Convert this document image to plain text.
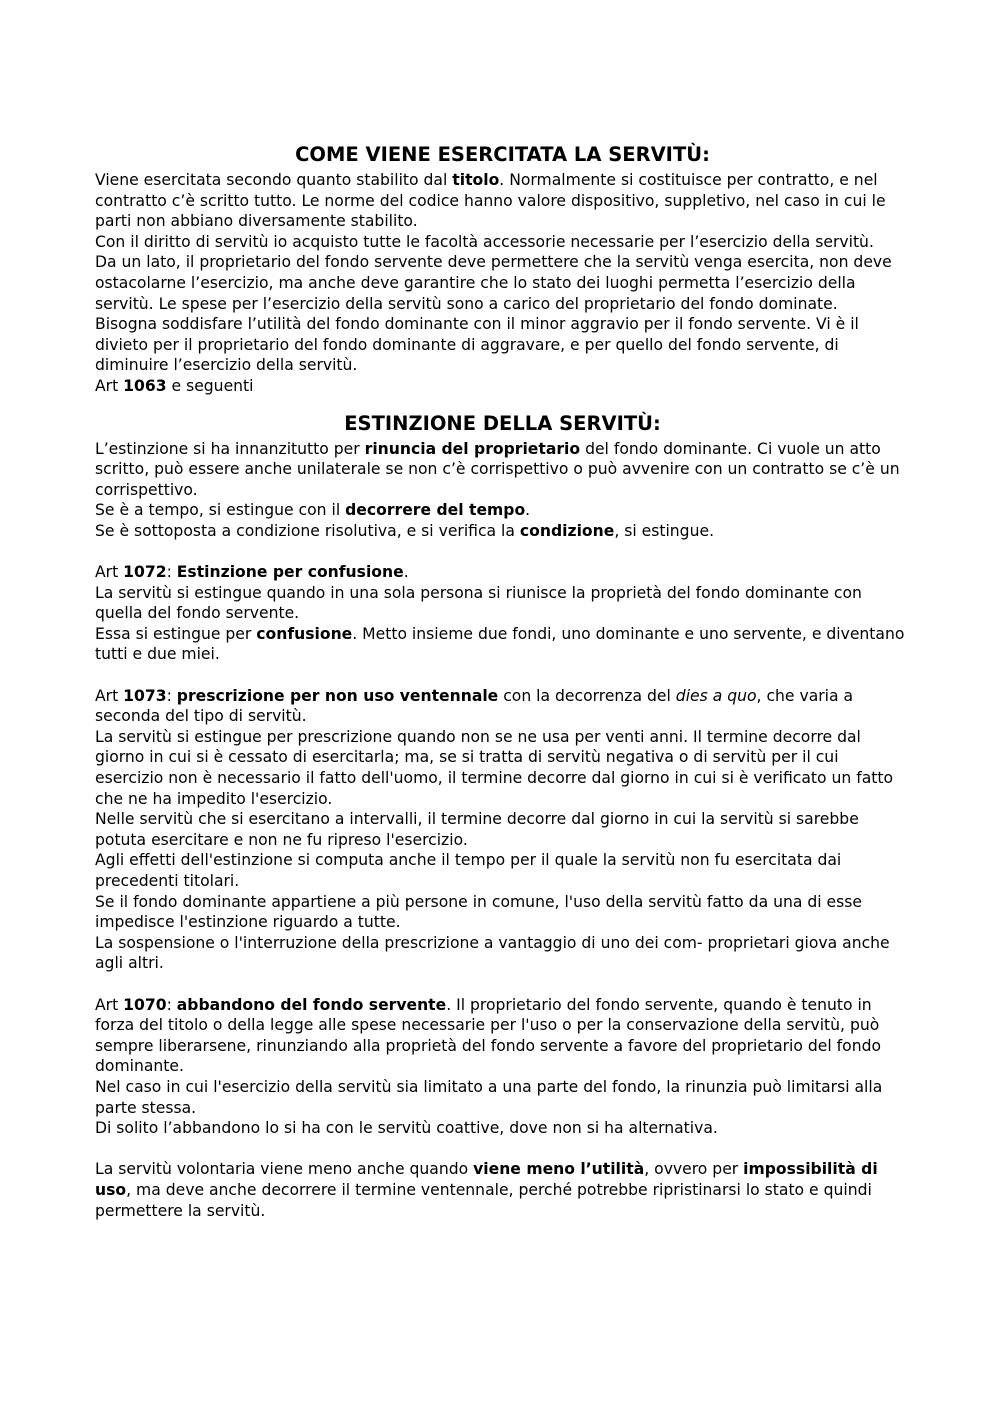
COME VIENE ESERCITATA LA SERVITÙ:

Viene esercitata secondo quanto stabilito dal titolo. Normalmente si costituisce per contratto, e nel contratto c’è scritto tutto. Le norme del codice hanno valore dispositivo, suppletivo, nel caso in cui le parti non abbiano diversamente stabilito.

Con il diritto di servitù io acquisto tutte le facoltà accessorie necessarie per l’esercizio della servitù.

Da un lato, il proprietario del fondo servente deve permettere che la servitù venga esercita, non deve ostacolarne l’esercizio, ma anche deve garantire che lo stato dei luoghi permetta l’esercizio della servitù. Le spese per l’esercizio della servitù sono a carico del proprietario del fondo dominate.

Bisogna soddisfare l’utilità del fondo dominante con il minor aggravio per il fondo servente. Vi è il divieto per il proprietario del fondo dominante di aggravare, e per quello del fondo servente, di diminuire l’esercizio della servitù.

Art 1063 e seguenti

ESTINZIONE DELLA SERVITÙ:

L’estinzione si ha innanzitutto per rinuncia del proprietario del fondo dominante. Ci vuole un atto scritto, può essere anche unilaterale se non c’è corrispettivo o può avvenire con un contratto se c’è un corrispettivo.

Se è a tempo, si estingue con il decorrere del tempo.

Se è sottoposta a condizione risolutiva, e si verifica la condizione, si estingue.

Art 1072: Estinzione per confusione.

La servitù si estingue quando in una sola persona si riunisce la proprietà del fondo dominante con quella del fondo servente.

Essa si estingue per confusione. Metto insieme due fondi, uno dominante e uno servente, e diventano tutti e due miei.

Art 1073: prescrizione per non uso ventennale con la decorrenza del dies a quo, che varia a seconda del tipo di servitù.

La servitù si estingue per prescrizione quando non se ne usa per venti anni. Il termine decorre dal giorno in cui si è cessato di esercitarla; ma, se si tratta di servitù negativa o di servitù per il cui esercizio non è necessario il fatto dell'uomo, il termine decorre dal giorno in cui si è verificato un fatto che ne ha impedito l'esercizio.

Nelle servitù che si esercitano a intervalli, il termine decorre dal giorno in cui la servitù si sarebbe potuta esercitare e non ne fu ripreso l'esercizio.

Agli effetti dell'estinzione si computa anche il tempo per il quale la servitù non fu esercitata dai precedenti titolari.

Se il fondo dominante appartiene a più persone in comune, l'uso della servitù fatto da una di esse impedisce l'estinzione riguardo a tutte.

La sospensione o l'interruzione della prescrizione a vantaggio di uno dei com- proprietari giova anche agli altri.

Art 1070: abbandono del fondo servente. Il proprietario del fondo servente, quando è tenuto in forza del titolo o della legge alle spese necessarie per l'uso o per la conservazione della servitù, può sempre liberarsene, rinunziando alla proprietà del fondo servente a favore del proprietario del fondo dominante.

Nel caso in cui l'esercizio della servitù sia limitato a una parte del fondo, la rinunzia può limitarsi alla parte stessa.

Di solito l’abbandono lo si ha con le servitù coattive, dove non si ha alternativa.

La servitù volontaria viene meno anche quando viene meno l’utilità, ovvero per impossibilità di uso, ma deve anche decorrere il termine ventennale, perché potrebbe ripristinarsi lo stato e quindi permettere la servitù.
